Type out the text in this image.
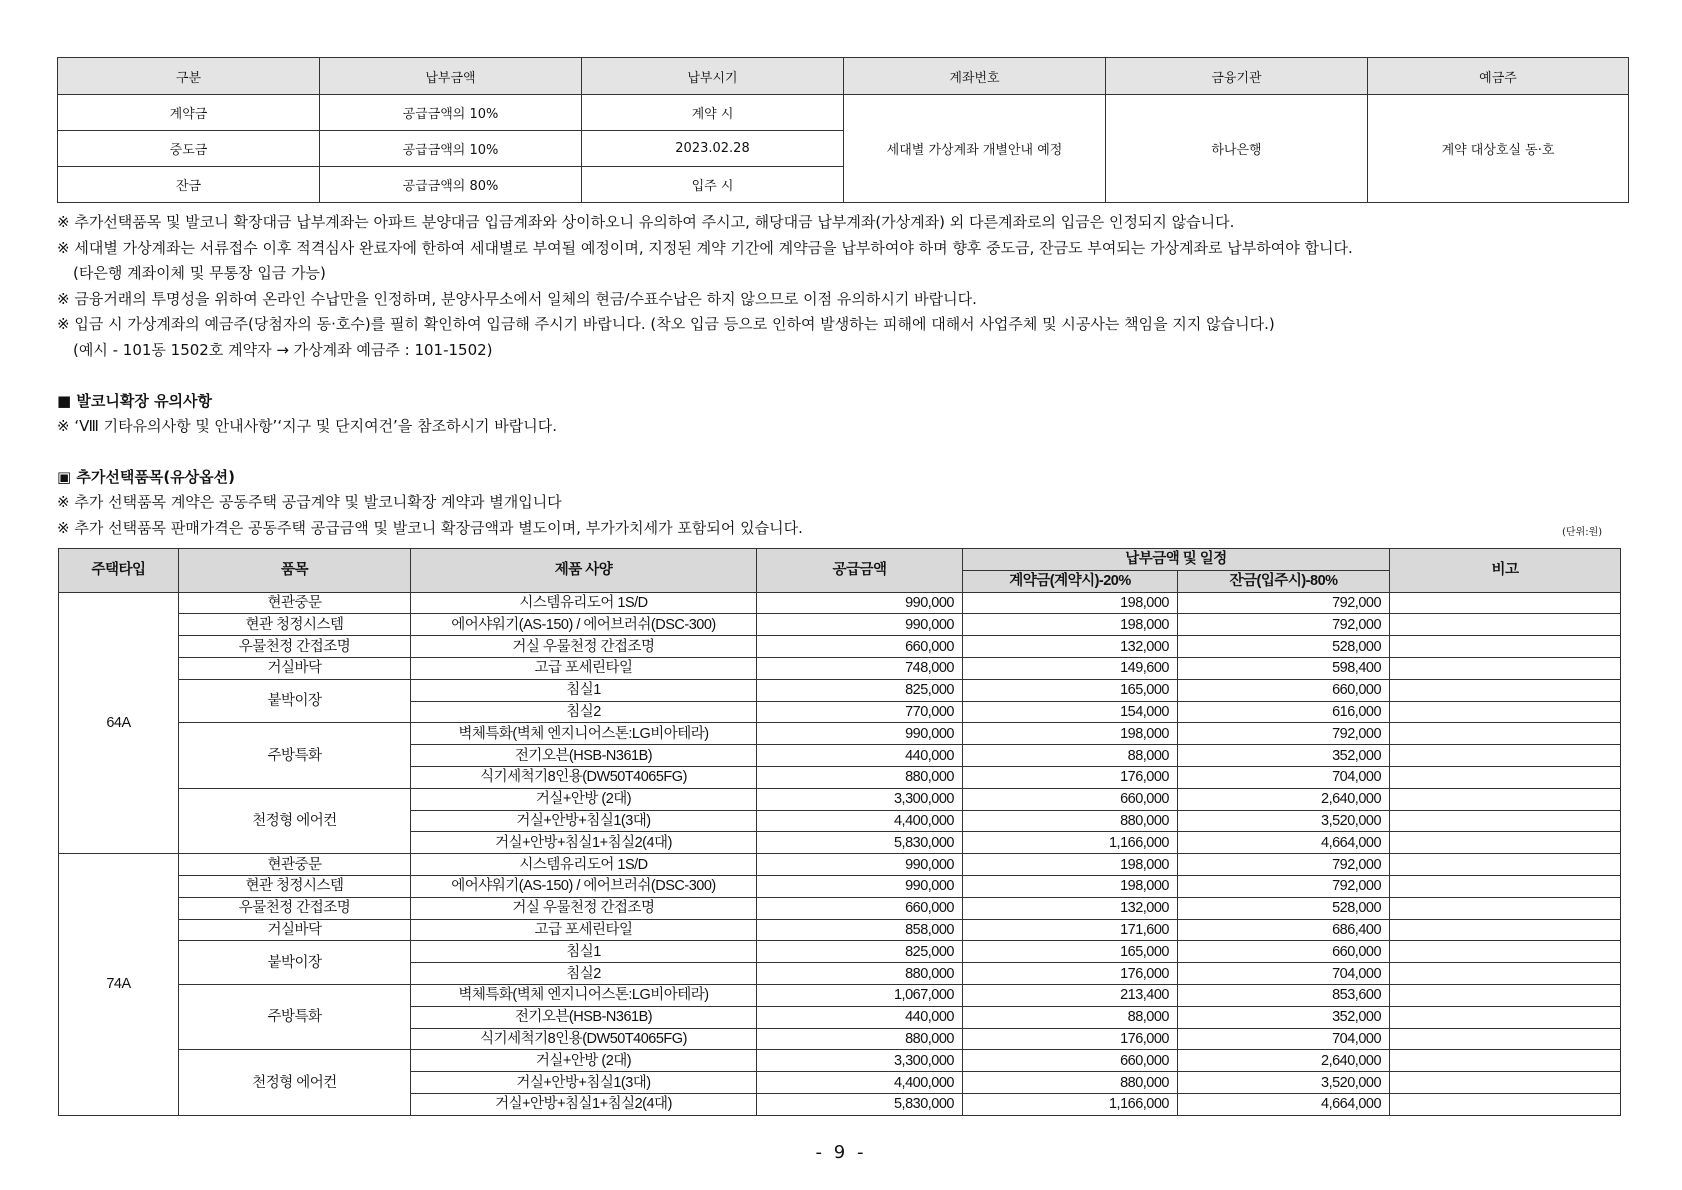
구분	납부금액	납부시기	계좌번호	금융기관	예금주
계약금	공급금액의 10%	계약 시	세대별 가상계좌 개별안내 예정	하나은행	계약 대상호실 동·호
중도금	공급금액의 10%	2023.02.28			
잔금	공급금액의 80%	입주 시			
※ 추가선택품목 및 발코니 확장대금 납부계좌는 아파트 분양대금 입금계좌와 상이하오니 유의하여 주시고, 해당대금 납부계좌(가상계좌) 외 다른계좌로의 입금은 인정되지 않습니다.
※ 세대별 가상계좌는 서류접수 이후 적격심사 완료자에 한하여 세대별로 부여될 예정이며, 지정된 계약 기간에 계약금을 납부하여야 하며 향후 중도금, 잔금도 부여되는 가상계좌로 납부하여야 합니다.
(타은행 계좌이체 및 무통장 입금 가능)
※ 금융거래의 투명성을 위하여 온라인 수납만을 인정하며, 분양사무소에서 일체의 현금/수표수납은 하지 않으므로 이점 유의하시기 바랍니다.
※ 입금 시 가상계좌의 예금주(당첨자의 동·호수)를 필히 확인하여 입금해 주시기 바랍니다. (착오 입금 등으로 인하여 발생하는 피해에 대해서 사업주체 및 시공사는 책임을 지지 않습니다.)
(예시 - 101동 1502호 계약자 → 가상계좌 예금주 : 101-1502)
■ 발코니확장 유의사항
※ ‘Ⅷ 기타유의사항 및 안내사항’‘지구 및 단지여건’을 참조하시기 바랍니다.
▣ 추가선택품목(유상옵션)
※ 추가 선택품목 계약은 공동주택 공급계약 및 발코니확장 계약과 별개입니다
※ 추가 선택품목 판매가격은 공동주택 공급금액 및 발코니 확장금액과 별도이며, 부가가치세가 포함되어 있습니다.	(단위:원)
주택타입	품목	제품 사양	공급금액	납부금액 및 일정		비고
				계약금(계약시)-20%	잔금(입주시)-80%	
64A	현관중문	시스템유리도어 1S/D	990,000	198,000	792,000	
	현관 청정시스템	에어샤워기(AS-150) / 에어브러쉬(DSC-300)	990,000	198,000	792,000	
	우물천정 간접조명	거실 우물천정 간접조명	660,000	132,000	528,000	
	거실바닥	고급 포세린타일	748,000	149,600	598,400	
	붙박이장	침실1	825,000	165,000	660,000	
		침실2	770,000	154,000	616,000	
	주방특화	벽체특화(벽체 엔지니어스톤:LG비아테라)	990,000	198,000	792,000	
		전기오븐(HSB-N361B)	440,000	88,000	352,000	
		식기세척기8인용(DW50T4065FG)	880,000	176,000	704,000	
	천정형 에어컨	거실+안방 (2대)	3,300,000	660,000	2,640,000	
		거실+안방+침실1(3대)	4,400,000	880,000	3,520,000	
		거실+안방+침실1+침실2(4대)	5,830,000	1,166,000	4,664,000	
74A	현관중문	시스템유리도어 1S/D	990,000	198,000	792,000	
	현관 청정시스템	에어샤워기(AS-150) / 에어브러쉬(DSC-300)	990,000	198,000	792,000	
	우물천정 간접조명	거실 우물천정 간접조명	660,000	132,000	528,000	
	거실바닥	고급 포세린타일	858,000	171,600	686,400	
	붙박이장	침실1	825,000	165,000	660,000	
		침실2	880,000	176,000	704,000	
	주방특화	벽체특화(벽체 엔지니어스톤:LG비아테라)	1,067,000	213,400	853,600	
		전기오븐(HSB-N361B)	440,000	88,000	352,000	
		식기세척기8인용(DW50T4065FG)	880,000	176,000	704,000	
	천정형 에어컨	거실+안방 (2대)	3,300,000	660,000	2,640,000	
		거실+안방+침실1(3대)	4,400,000	880,000	3,520,000	
		거실+안방+침실1+침실2(4대)	5,830,000	1,166,000	4,664,000	
- 9 -
